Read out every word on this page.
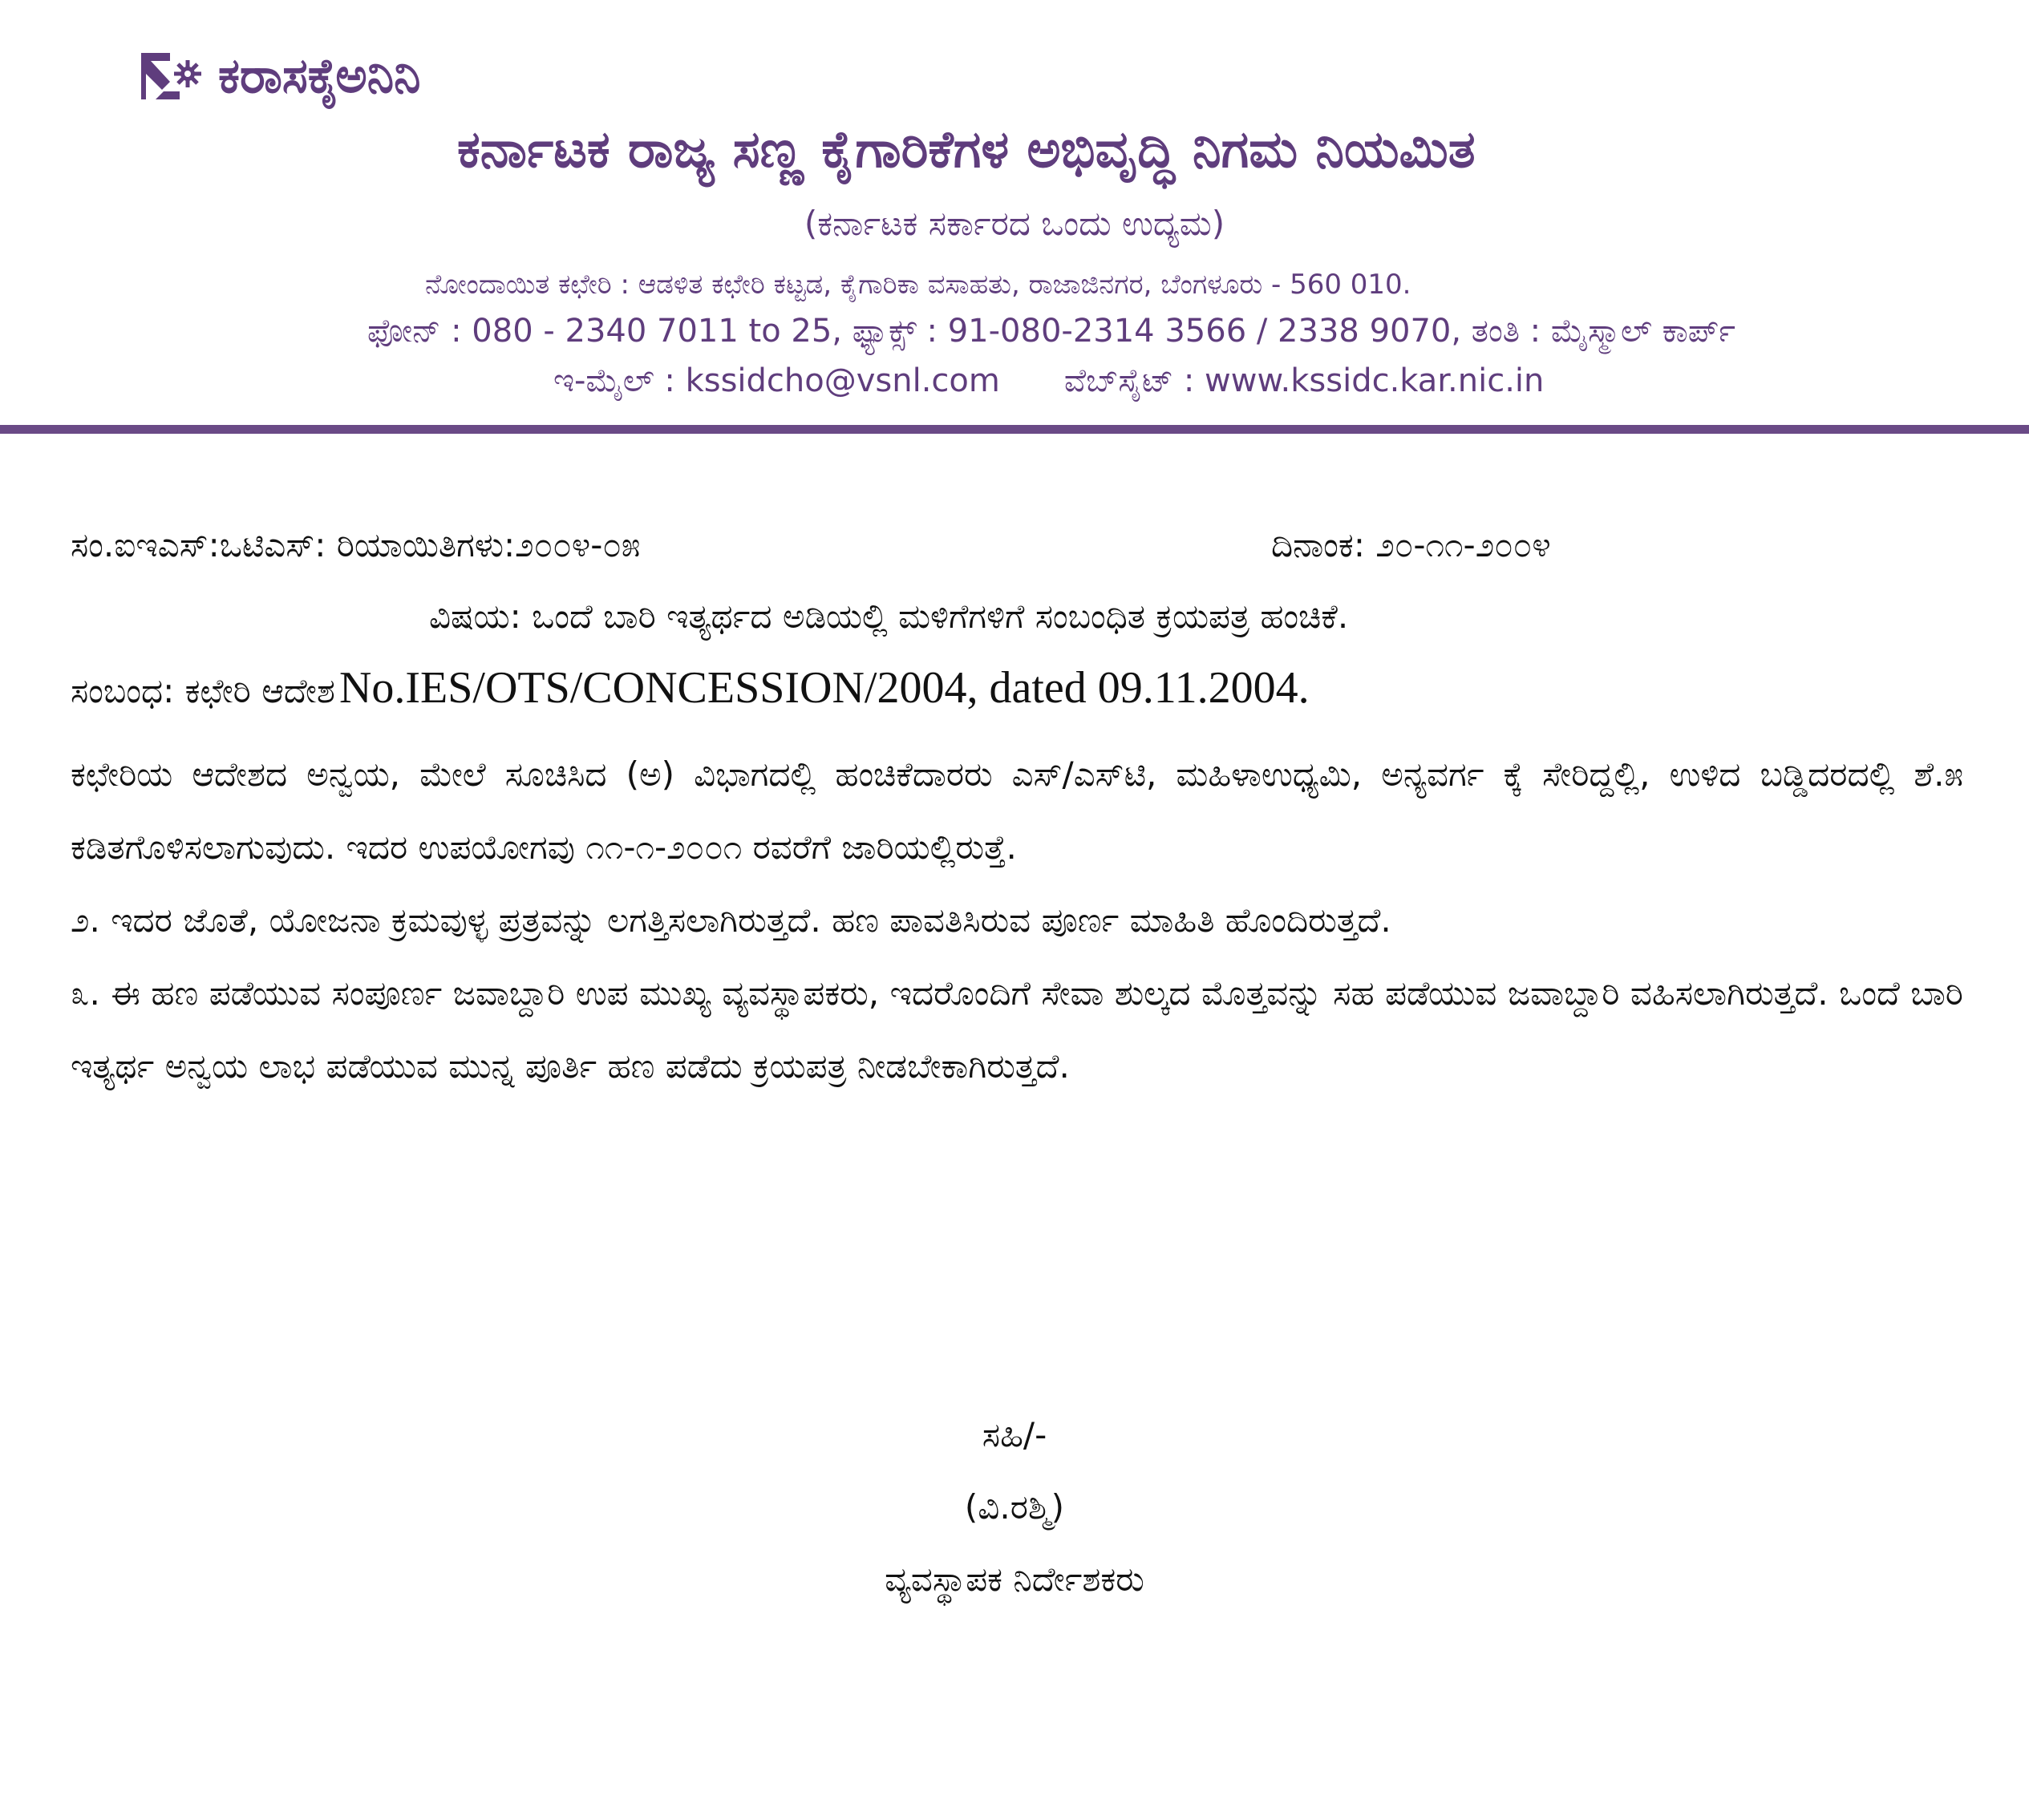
ಕರಾಸಕೈಅನಿನಿ
ಕರ್ನಾಟಕ ರಾಜ್ಯ ಸಣ್ಣ ಕೈಗಾರಿಕೆಗಳ ಅಭಿವೃದ್ಧಿ ನಿಗಮ ನಿಯಮಿತ
(ಕರ್ನಾಟಕ ಸರ್ಕಾರದ ಒಂದು ಉದ್ಯಮ)
ನೋಂದಾಯಿತ ಕಛೇರಿ : ಆಡಳಿತ ಕಛೇರಿ ಕಟ್ಟಡ, ಕೈಗಾರಿಕಾ ವಸಾಹತು, ರಾಜಾಜಿನಗರ, ಬೆಂಗಳೂರು - 560 010.
ಫೋನ್ : 080 - 2340 7011 to 25, ಫ್ಯಾಕ್ಸ್ : 91-080-2314 3566 / 2338 9070, ತಂತಿ : ಮೈಸ್ಮಾಲ್ ಕಾರ್ಪ್
ಇ-ಮೈಲ್ : kssidcho@vsnl.com ವೆಬ್‌ಸೈಟ್ : www.kssidc.kar.nic.in
ಸಂ.ಐಇಎಸ್:ಒಟಿಎಸ್: ರಿಯಾಯಿತಿಗಳು:೨೦೦೪-೦೫	ದಿನಾಂಕ: ೨೦-೧೧-೨೦೦೪
ವಿಷಯ: ಒಂದೆ ಬಾರಿ ಇತ್ಯರ್ಥದ ಅಡಿಯಲ್ಲಿ ಮಳಿಗೆಗಳಿಗೆ ಸಂಬಂಧಿತ ಕ್ರಯಪತ್ರ ಹಂಚಿಕೆ.
ಸಂಬಂಧ: ಕಛೇರಿ ಆದೇಶ No.IES/OTS/CONCESSION/2004, dated 09.11.2004.

ಕಛೇರಿಯ ಆದೇಶದ ಅನ್ವಯ, ಮೇಲೆ ಸೂಚಿಸಿದ (ಅ) ವಿಭಾಗದಲ್ಲಿ ಹಂಚಿಕೆದಾರರು ಎಸ್/ಎಸ್‌ಟಿ, ಮಹಿಳಾಉಧ್ಯಮಿ, ಅನ್ಯವರ್ಗ ಕ್ಕೆ ಸೇರಿದ್ದಲ್ಲಿ, ಉಳಿದ ಬಡ್ಡಿದರದಲ್ಲಿ ಶೆ.೫ ಕಡಿತಗೊಳಿಸಲಾಗುವುದು. ಇದರ ಉಪಯೋಗವು ೧೧-೧-೨೦೦೧ ರವರೆಗೆ ಜಾರಿಯಲ್ಲಿರುತ್ತೆ.

೨. ಇದರ ಜೊತೆ, ಯೋಜನಾ ಕ್ರಮವುಳ್ಳ ಪ್ರತ್ರವನ್ನು ಲಗತ್ತಿಸಲಾಗಿರುತ್ತದೆ. ಹಣ ಪಾವತಿಸಿರುವ ಪೂರ್ಣ ಮಾಹಿತಿ ಹೊಂದಿರುತ್ತದೆ.

೩. ಈ ಹಣ ಪಡೆಯುವ ಸಂಪೂರ್ಣ ಜವಾಬ್ದಾರಿ ಉಪ ಮುಖ್ಯ ವ್ಯವಸ್ಥಾಪಕರು, ಇದರೊಂದಿಗೆ ಸೇವಾ ಶುಲ್ಕದ ಮೊತ್ತವನ್ನು ಸಹ ಪಡೆಯುವ ಜವಾಬ್ದಾರಿ ವಹಿಸಲಾಗಿರುತ್ತದೆ. ಒಂದೆ ಬಾರಿ ಇತ್ಯರ್ಥ ಅನ್ವಯ ಲಾಭ ಪಡೆಯುವ ಮುನ್ನ ಪೂರ್ತಿ ಹಣ ಪಡೆದು ಕ್ರಯಪತ್ರ ನೀಡಬೇಕಾಗಿರುತ್ತದೆ.

ಸಹಿ/-
(ವಿ.ರಶ್ಮಿ)
ವ್ಯವಸ್ಥಾಪಕ ನಿರ್ದೇಶಕರು
